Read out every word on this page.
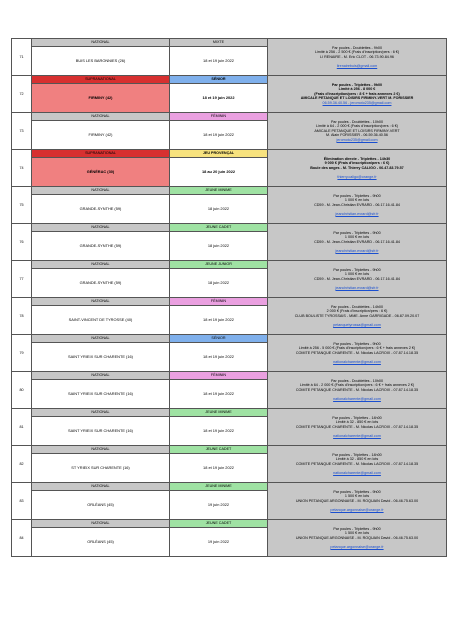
71	NATIONAL	MIXTE	Par poules - Doublettes - 9h00
Limité à 256 - 2 500 € (Frais d'inscription/pers : 6 €)
LI RENAIRE - M. Eric CLOT - 06.73.90.84.96
lirenairebuis@gmail.com

	BUIS LES BARONNIES (26)	18 et 19 juin 2022	
72	SUPRANATIONAL	SÉNIOR	Par poules - Triplettes - 9h00
Limité à 256 - 8 000 €
(Frais d'inscription/pers : 8 € + frais annexes 2 €)
AMICALE PETANQUE ET LOISIRS FIRMINY-VERT M. FORISSIER
06.59.36.40.56 - jeromoto235@gmail.com

	FIRMINY (42)	18 et 19 juin 2022	
73	NATIONAL	FÉMININ	Par poules - Doublettes - 10h00
Limité à 64 - 2 000 € (Frais d'inscription/pers : 6 €)
AMICALE PETANQUE ET LOISIRS FIRMINY-VERT
M. Alain FORISSIER - 06.59.36.40.56
jeromoto235@gmail.com

	FIRMINY (42)	18 et 19 juin 2022	
74	SUPRANATIONAL	JEU PROVENÇAL	Élimination directe - Triplettes - 14h30
9 000 € (Frais d'inscription/pers : 6 €)
Boule des anges - M. Thierry CALIGO - 06.47.83.79.57
thierry.caligo@orange.fr

	GÉNÉRAC (30)	18 au 20 juin 2022	
75	NATIONAL	JEUNE MINIME	Par poules - Triplettes - 9h00
1 000 € en lots
CD59 - M. Jean-Christian EVRARD - 06.17.16.41.84
jeanchristian.evrard@sfr.fr

	GRANDE-SYNTHE (59)	18 juin 2022	
76	NATIONAL	JEUNE CADET	Par poules - Triplettes - 9h00
1 000 € en lots
CD59 - M. Jean-Christian EVRARD - 06.17.16.41.84
jeanchristian.evrard@sfr.fr

	GRANDE-SYNTHE (59)	18 juin 2022	
77	NATIONAL	JEUNE JUNIOR	Par poules - Triplettes - 9h00
1 000 € en lots
CD59 - M. Jean-Christian EVRARD - 06.17.16.41.84
jeanchristian.evrard@sfr.fr

	GRANDE-SYNTHE (59)	18 juin 2022	
78	NATIONAL	FÉMININ	Par poules - Doublettes - 14h00
2 000 € (Frais d'inscription/pers : 6 €)
CLUB BOULISTE TYROSSAIS - MME. Anne GARRIGADE - 06.87.09.20.07
petanquetyrossa@gmail.com

	SAINT-VINCENT DE TYROSSE (40)	18 et 19 juin 2022	
79	NATIONAL	SÉNIOR	Par poules - Triplettes - 9h00
Limité à 256 - 5 000 € (Frais d'inscription/pers : 6 € + frais annexes 2 €)
COMITE PETANQUE CHARENTE - M. Nicolas LACROIX - 07.87.14.18.35
nationalcharente@gmail.com

	SAINT YRIEIX SUR CHARENTE (16)	18 et 19 juin 2022	
80	NATIONAL	FÉMININ	Par poules - Doublettes - 10h00
Limité à 64 - 2 000 € (Frais d'inscription/pers : 6 € + frais annexes 2 €)
COMITE PETANQUE CHARENTE - M. Nicolas LACROIX - 07.87.14.18.35
nationalcharente@gmail.com

	SAINT YRIEIX SUR CHARENTE (16)	18 et 19 juin 2022	
81	NATIONAL	JEUNE MINIME	Par poules - Triplettes - 14h00
Limité à 32 - 850 € en lots
COMITE PETANQUE CHARENTE - M. Nicolas LACROIX - 07.87.14.18.35
nationalcharente@gmail.com

	SAINT YRIEIX SUR CHARENTE (16)	18 et 19 juin 2022	
82	NATIONAL	JEUNE CADET	Par poules - Triplettes - 14h00
Limité à 32 - 850 € en lots
COMITE PETANQUE CHARENTE - M. Nicolas LACROIX - 07.87.14.18.35
nationalcharente@gmail.com

	ST YRIEIX SUR CHARENTE (16)	18 et 19 juin 2022	
83	NATIONAL	JEUNE MINIME	Par poules - Triplettes - 9h00
1 500 € en lots
UNION PETANQUE ARGONNAISE - M. ROQUAIN David - 06.46.75.63.00
petanque.argonnaise@orange.fr

	ORLÉANS (45)	19 juin 2022	
84	NATIONAL	JEUNE CADET	Par poules - Triplettes - 9h00
1 500 € en lots
UNION PETANQUE ARGONNAISE - M. ROQUAIN David - 06.46.75.63.00
petanque.argonnaise@orange.fr

	ORLÉANS (45)	19 juin 2022	
